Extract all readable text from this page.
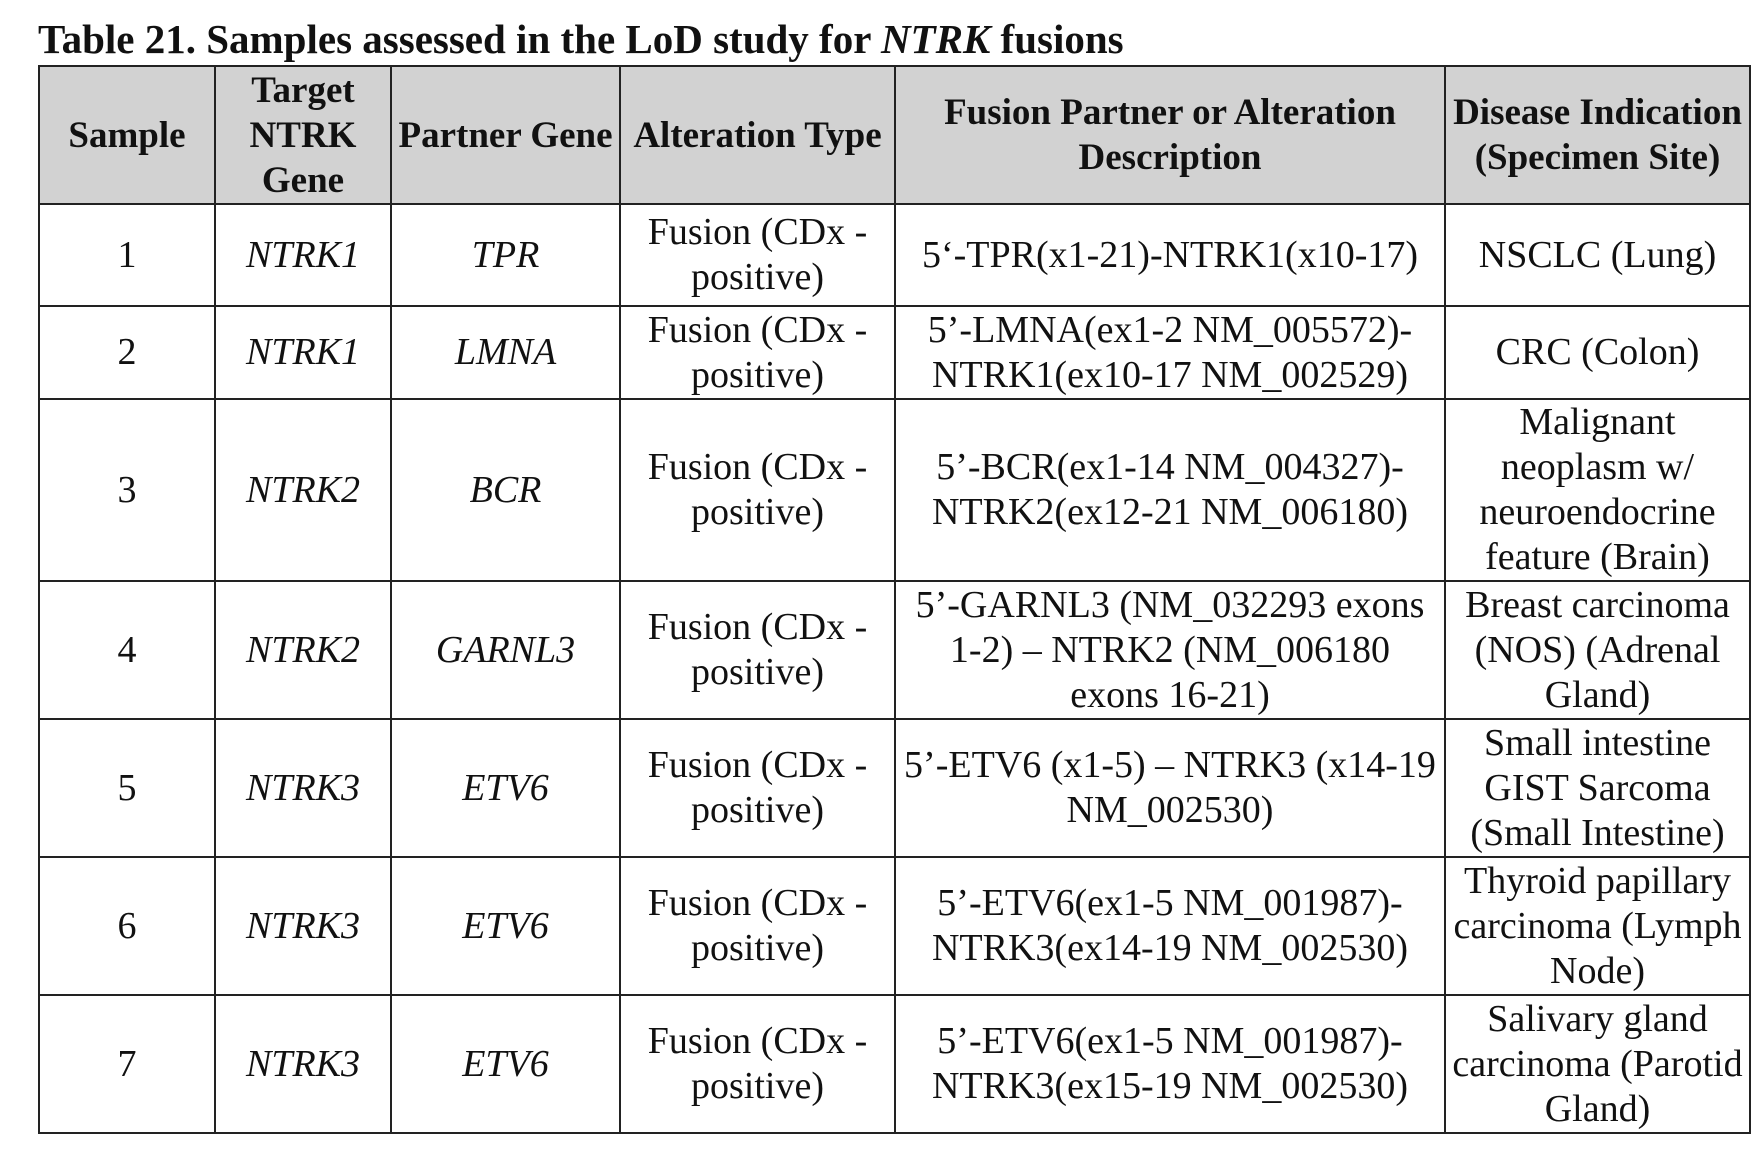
Table 21. Samples assessed in the LoD study for NTRK fusions
Sample	Target NTRK Gene	Partner Gene	Alteration Type	Fusion Partner or Alteration Description	Disease Indication (Specimen Site)
1	NTRK1	TPR	Fusion (CDx - positive)	5‘-TPR(x1-21)-NTRK1(x10-17)	NSCLC (Lung)
2	NTRK1	LMNA	Fusion (CDx - positive)	5’-LMNA(ex1-2 NM_005572)-NTRK1(ex10-17 NM_002529)	CRC (Colon)
3	NTRK2	BCR	Fusion (CDx - positive)	5’-BCR(ex1-14 NM_004327)-NTRK2(ex12-21 NM_006180)	Malignant neoplasm w/ neuroendocrine feature (Brain)
4	NTRK2	GARNL3	Fusion (CDx - positive)	5’-GARNL3 (NM_032293 exons 1-2) – NTRK2 (NM_006180 exons 16-21)	Breast carcinoma (NOS) (Adrenal Gland)
5	NTRK3	ETV6	Fusion (CDx - positive)	5’-ETV6 (x1-5) – NTRK3 (x14-19 NM_002530)	Small intestine GIST Sarcoma (Small Intestine)
6	NTRK3	ETV6	Fusion (CDx - positive)	5’-ETV6(ex1-5 NM_001987)-NTRK3(ex14-19 NM_002530)	Thyroid papillary carcinoma (Lymph Node)
7	NTRK3	ETV6	Fusion (CDx - positive)	5’-ETV6(ex1-5 NM_001987)-NTRK3(ex15-19 NM_002530)	Salivary gland carcinoma (Parotid Gland)
